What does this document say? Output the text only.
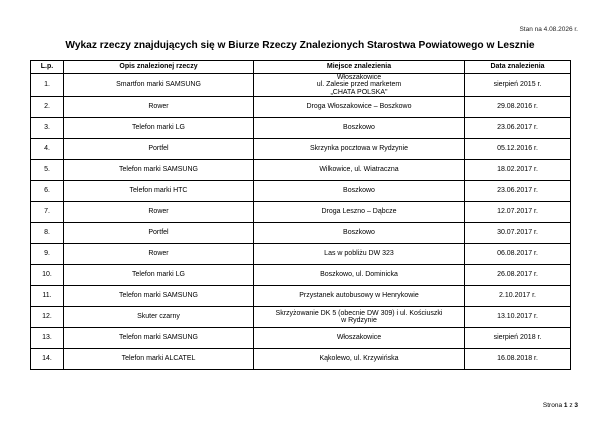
Stan na 4.08.2026 r.
Wykaz rzeczy znajdujących się w Biurze Rzeczy Znalezionych Starostwa Powiatowego w Lesznie
L.p.	Opis znalezionej rzeczy	Miejsce znalezienia	Data znalezienia
1.	Smartfon marki SAMSUNG	Włoszakowice
ul. Zalesie przed marketem
„CHATA POLSKA"	sierpień 2015 r.
2.	Rower	Droga Włoszakowice – Boszkowo	29.08.2016 r.
3.	Telefon marki LG	Boszkowo	23.06.2017 r.
4.	Portfel	Skrzynka pocztowa w Rydzynie	05.12.2016 r.
5.	Telefon marki SAMSUNG	Wilkowice, ul. Wiatraczna	18.02.2017 r.
6.	Telefon marki HTC	Boszkowo	23.06.2017 r.
7.	Rower	Droga Leszno – Dąbcze	12.07.2017 r.
8.	Portfel	Boszkowo	30.07.2017 r.
9.	Rower	Las w pobliżu DW 323	06.08.2017 r.
10.	Telefon marki LG	Boszkowo, ul. Dominicka	26.08.2017 r.
11.	Telefon marki SAMSUNG	Przystanek autobusowy w Henrykowie	2.10.2017 r.
12.	Skuter czarny	Skrzyżowanie DK 5 (obecnie DW 309) i ul. Kościuszki
w Rydzynie	13.10.2017 r.
13.	Telefon marki SAMSUNG	Włoszakowice	sierpień 2018 r.
14.	Telefon marki ALCATEL	Kąkolewo, ul. Krzywińska	16.08.2018 r.
Strona 1 z 3
